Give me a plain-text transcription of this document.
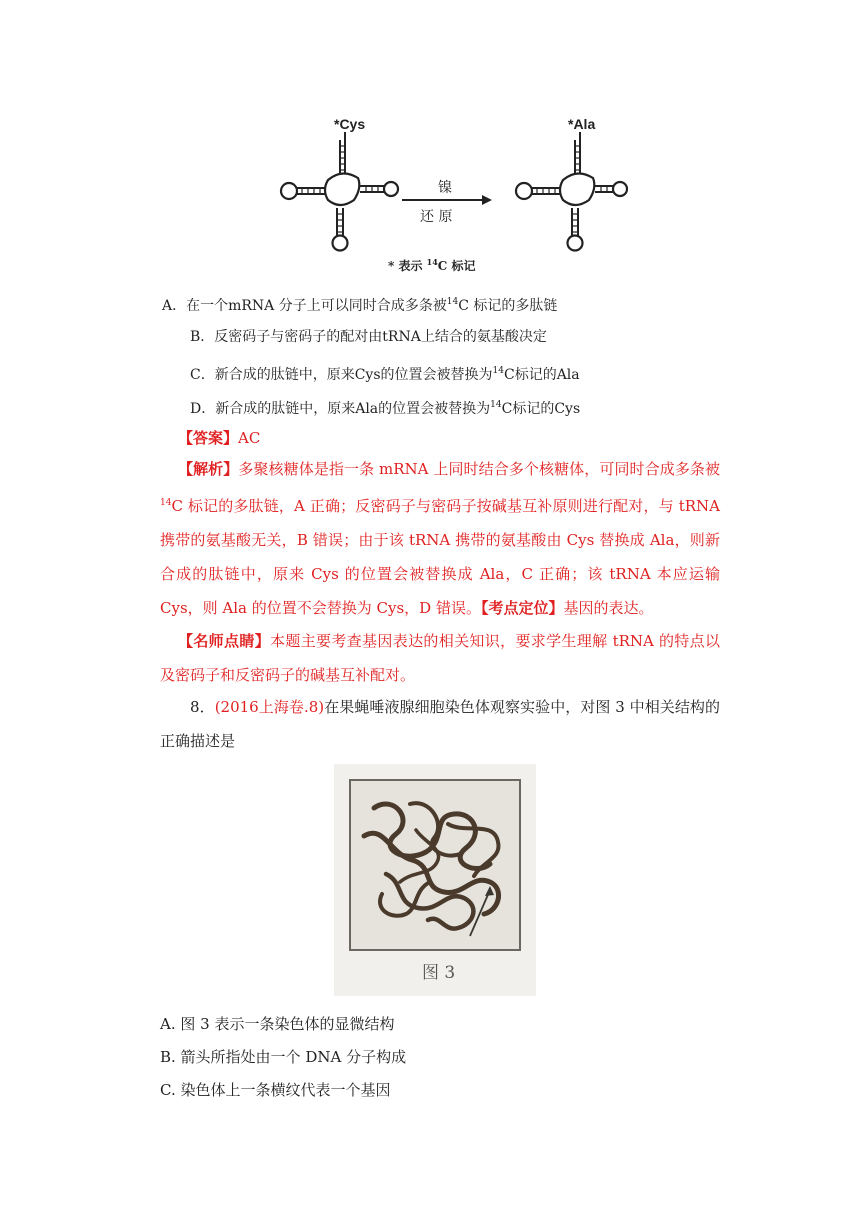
*Cys
镍
还 原
*Ala
* 表示 $^{14}$C 标记
A．在一个mRNA 分子上可以同时合成多条被$^{14}$C 标记的多肽链
B．反密码子与密码子的配对由tRNA上结合的氨基酸决定
C．新合成的肽链中，原来Cys的位置会被替换为$^{14}$C标记的Ala
D．新合成的肽链中，原来Ala的位置会被替换为$^{14}$C标记的Cys
【答案】AC
【解析】多聚核糖体是指一条 mRNA 上同时结合多个核糖体，可同时合成多条被 $^{14}$C 标记的多肽链，A 正确；反密码子与密码子按碱基互补原则进行配对，与 tRNA 携带的氨基酸无关，B 错误；由于该 tRNA 携带的氨基酸由 Cys 替换成 Ala，则新合成的肽链中，原来 Cys 的位置会被替换成 Ala，C 正确；该 tRNA 本应运输 Cys，则 Ala 的位置不会替换为 Cys，D 错误。【考点定位】基因的表达。
【名师点睛】本题主要考查基因表达的相关知识，要求学生理解 tRNA 的特点以及密码子和反密码子的碱基互补配对。
8．(2016上海卷.8)在果蝇唾液腺细胞染色体观察实验中，对图 3 中相关结构的正确描述是
图 3
A. 图 3 表示一条染色体的显微结构
B. 箭头所指处由一个 DNA 分子构成
C. 染色体上一条横纹代表一个基因
